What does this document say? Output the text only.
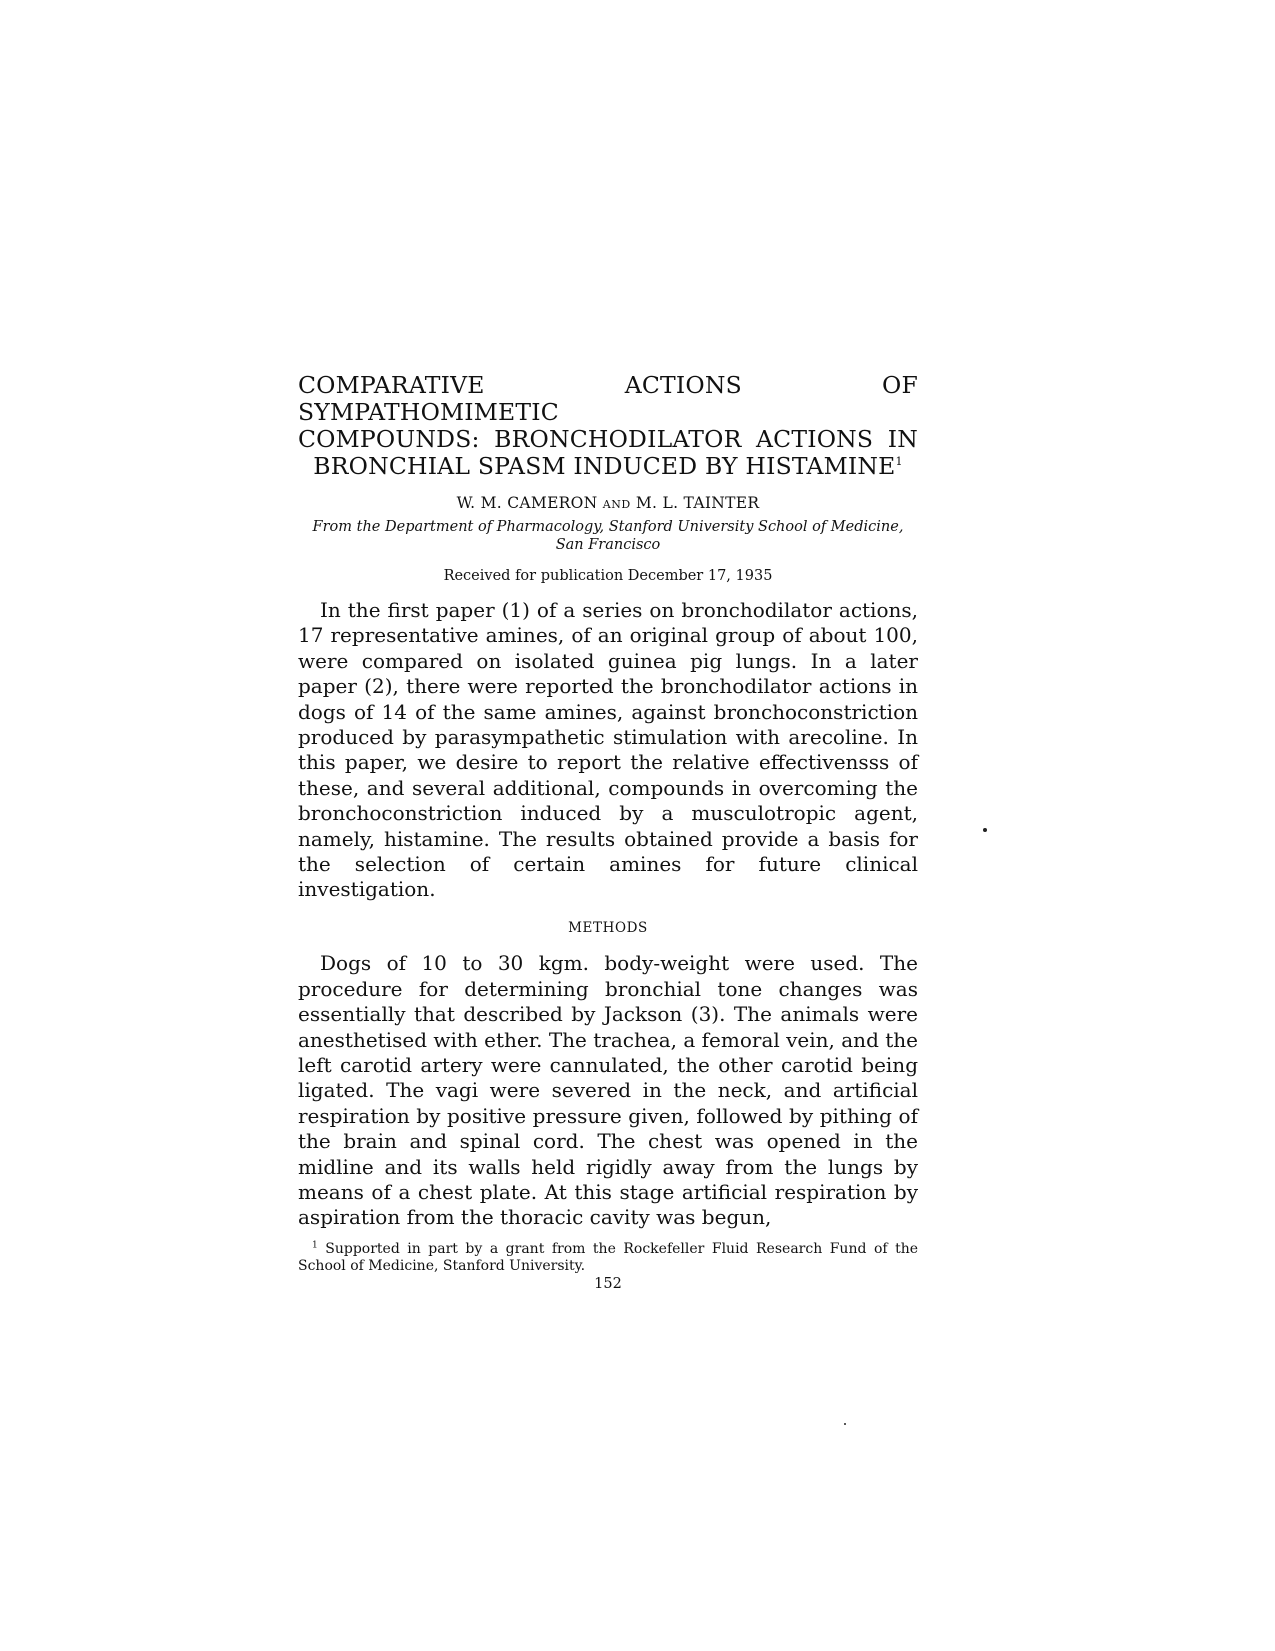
COMPARATIVE ACTIONS OF SYMPATHOMIMETIC
COMPOUNDS: BRONCHODILATOR ACTIONS IN
BRONCHIAL SPASM INDUCED BY HISTAMINE$^1$
W. M. CAMERON AND M. L. TAINTER
From the Department of Pharmacology, Stanford University School of Medicine,
San Francisco
Received for publication December 17, 1935

In the first paper (1) of a series on bronchodilator actions, 17 representative amines, of an original group of about 100, were compared on isolated guinea pig lungs. In a later paper (2), there were reported the bronchodilator actions in dogs of 14 of the same amines, against bronchoconstriction produced by parasympathetic stimulation with arecoline. In this paper, we desire to report the relative effectivensss of these, and several additional, compounds in overcoming the bronchoconstriction induced by a musculotropic agent, namely, histamine. The results obtained provide a basis for the selection of certain amines for future clinical investigation.

METHODS

Dogs of 10 to 30 kgm. body-weight were used. The procedure for determining bronchial tone changes was essentially that described by Jackson (3). The animals were anesthetised with ether. The trachea, a femoral vein, and the left carotid artery were cannulated, the other carotid being ligated. The vagi were severed in the neck, and artificial respiration by positive pressure given, followed by pithing of the brain and spinal cord. The chest was opened in the midline and its walls held rigidly away from the lungs by means of a chest plate. At this stage artificial respiration by aspiration from the thoracic cavity was begun,

$^1$ Supported in part by a grant from the Rockefeller Fluid Research Fund of the School of Medicine, Stanford University.
152
